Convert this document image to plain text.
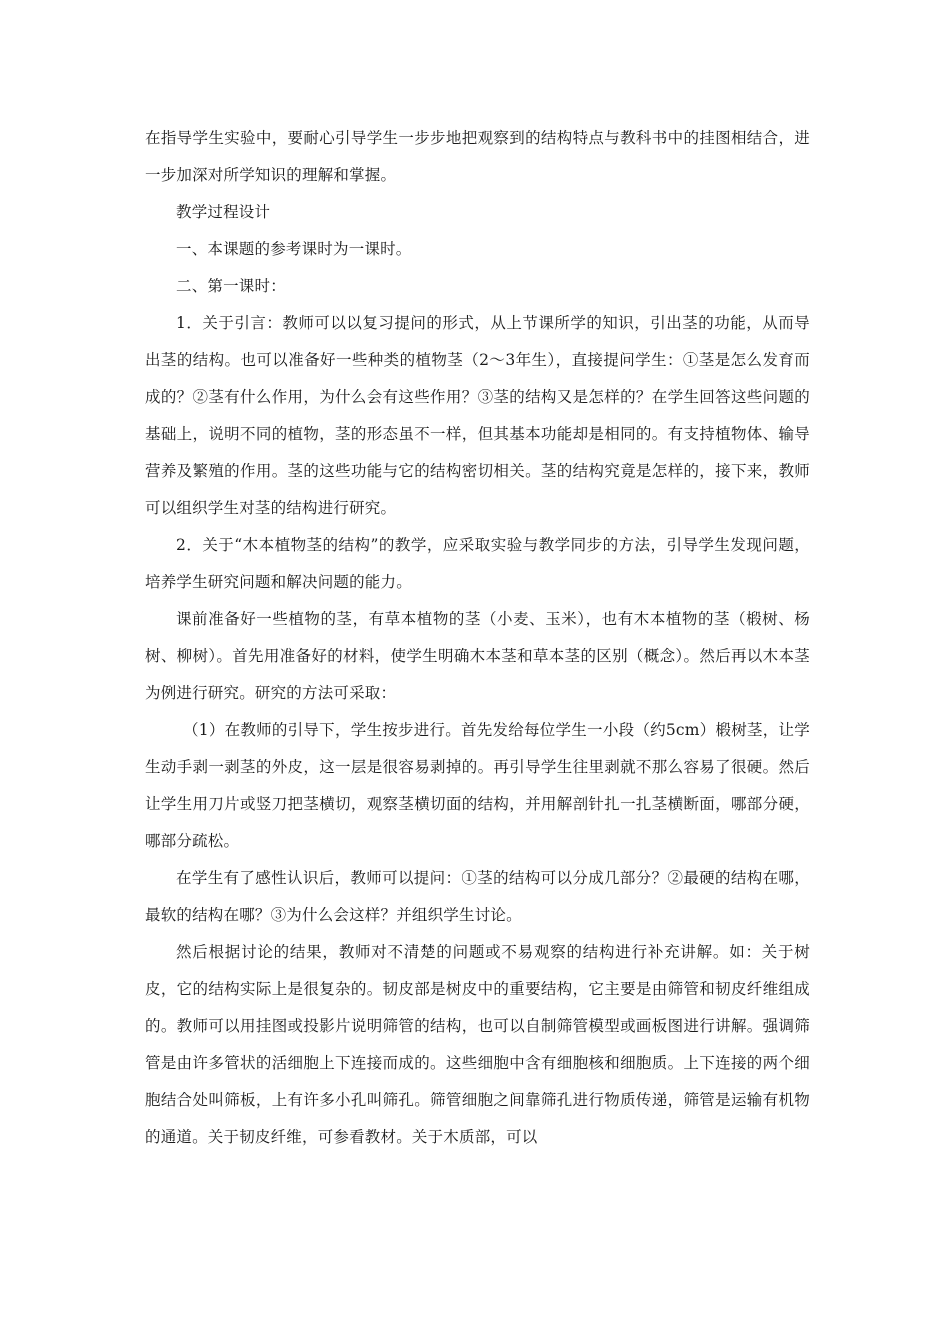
在指导学生实验中，要耐心引导学生一步步地把观察到的结构特点与教科书中的挂图相结合，进一步加深对所学知识的理解和掌握。

教学过程设计

一、本课题的参考课时为一课时。

二、第一课时：

1．关于引言：教师可以以复习提问的形式，从上节课所学的知识，引出茎的功能，从而导出茎的结构。也可以准备好一些种类的植物茎（2～3年生），直接提问学生：①茎是怎么发育而成的？②茎有什么作用，为什么会有这些作用？③茎的结构又是怎样的？在学生回答这些问题的基础上，说明不同的植物，茎的形态虽不一样，但其基本功能却是相同的。有支持植物体、输导营养及繁殖的作用。茎的这些功能与它的结构密切相关。茎的结构究竟是怎样的，接下来，教师可以组织学生对茎的结构进行研究。

2．关于“木本植物茎的结构”的教学，应采取实验与教学同步的方法，引导学生发现问题，培养学生研究问题和解决问题的能力。

课前准备好一些植物的茎，有草本植物的茎（小麦、玉米），也有木本植物的茎（椴树、杨树、柳树）。首先用准备好的材料，使学生明确木本茎和草本茎的区别（概念）。然后再以木本茎为例进行研究。研究的方法可采取：

（1）在教师的引导下，学生按步进行。首先发给每位学生一小段（约5cm）椴树茎，让学生动手剥一剥茎的外皮，这一层是很容易剥掉的。再引导学生往里剥就不那么容易了很硬。然后让学生用刀片或竖刀把茎横切，观察茎横切面的结构，并用解剖针扎一扎茎横断面，哪部分硬，哪部分疏松。

在学生有了感性认识后，教师可以提问：①茎的结构可以分成几部分？②最硬的结构在哪，最软的结构在哪？③为什么会这样？并组织学生讨论。

然后根据讨论的结果，教师对不清楚的问题或不易观察的结构进行补充讲解。如：关于树皮，它的结构实际上是很复杂的。韧皮部是树皮中的重要结构，它主要是由筛管和韧皮纤维组成的。教师可以用挂图或投影片说明筛管的结构，也可以自制筛管模型或画板图进行讲解。强调筛管是由许多管状的活细胞上下连接而成的。这些细胞中含有细胞核和细胞质。上下连接的两个细胞结合处叫筛板，上有许多小孔叫筛孔。筛管细胞之间靠筛孔进行物质传递，筛管是运输有机物的通道。关于韧皮纤维，可参看教材。关于木质部，可以
